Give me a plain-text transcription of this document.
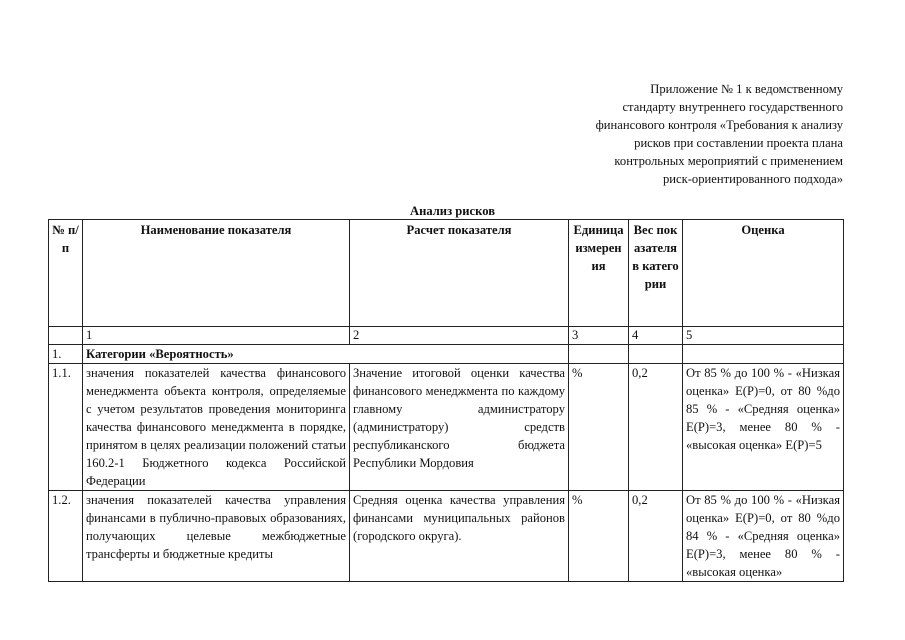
Приложение № 1 к ведомственному
стандарту внутреннего государственного
финансового контроля «Требования к анализу
рисков при составлении проекта плана
контрольных мероприятий с применением
риск-ориентированного подхода»
Анализ рисков
№ п/п	Наименование показателя	Расчет показателя	Единица измерения	Вес показателя в категории	Оценка
	1	2	3	4	5
1.	Категории «Вероятность»				
1.1.	значения показателей качества финансового менеджмента объекта контроля, определяемые с учетом результатов проведения мониторинга качества финансового менеджмента в порядке, принятом в целях реализации положений статьи 160.2-1 Бюджетного кодекса Российской Федерации	Значение итоговой оценки качества финансового менеджмента по каждому главному администратору (администратору) средств республиканского бюджета Республики Мордовия	%	0,2	От 85 % до 100 % - «Низкая оценка» E(P)=0, от 80 %до 85 % - «Средняя оценка» E(P)=3, менее 80 % - «высокая оценка» E(P)=5
1.2.	значения показателей качества управления финансами в публично-правовых образованиях, получающих целевые межбюджетные трансферты и бюджетные кредиты	Средняя оценка качества управления финансами муниципальных районов (городского округа).	%	0,2	От 85 % до 100 % - «Низкая оценка» E(P)=0, от 80 %до 84 % - «Средняя оценка» E(P)=3, менее 80 % - «высокая оценка»
